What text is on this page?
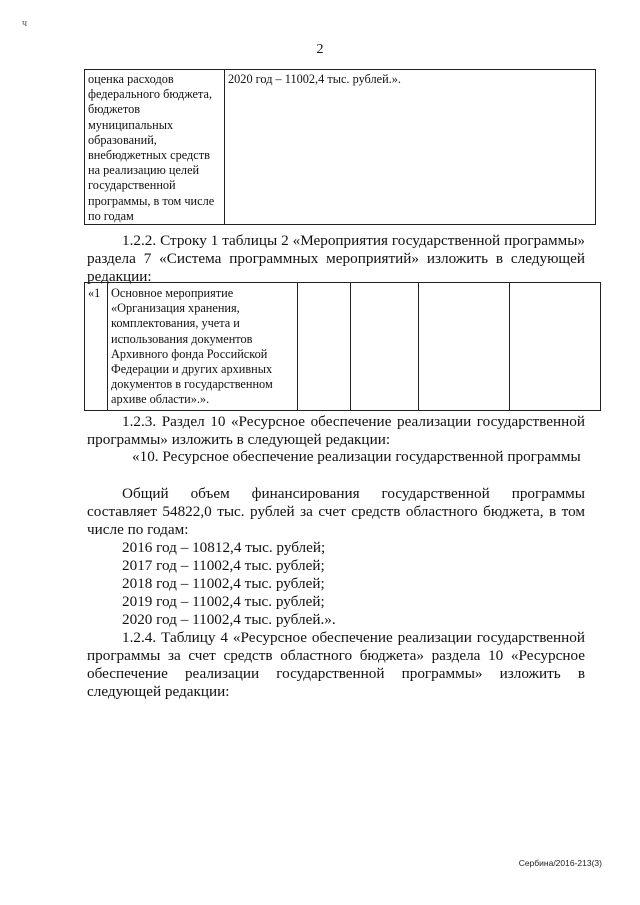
ч
2
оценка расходов федерального бюджета, бюджетов муниципальных образований, внебюджетных средств на реализацию целей государственной программы, в том числе по годам	2020 год – 11002,4 тыс. рублей.».
1.2.2. Строку 1 таблицы 2 «Мероприятия государственной программы» раздела 7 «Система программных мероприятий» изложить в следующей редакции:
«1	Основное мероприятие «Организация хранения, комплектования, учета и использования документов Архивного фонда Российской Федерации и других архивных документов в государственном архиве области».».				
1.2.3. Раздел 10 «Ресурсное обеспечение реализации государственной программы» изложить в следующей редакции:
«10. Ресурсное обеспечение реализации государственной программы
Общий объем финансирования государственной программы составляет 54822,0 тыс. рублей за счет средств областного бюджета, в том числе по годам:
2016 год – 10812,4 тыс. рублей;
2017 год – 11002,4 тыс. рублей;
2018 год – 11002,4 тыс. рублей;
2019 год – 11002,4 тыс. рублей;
2020 год – 11002,4 тыс. рублей.».
1.2.4. Таблицу 4 «Ресурсное обеспечение реализации государственной программы за счет средств областного бюджета» раздела 10 «Ресурсное обеспечение реализации государственной программы» изложить в следующей редакции:
Сербина/2016-213(3)
